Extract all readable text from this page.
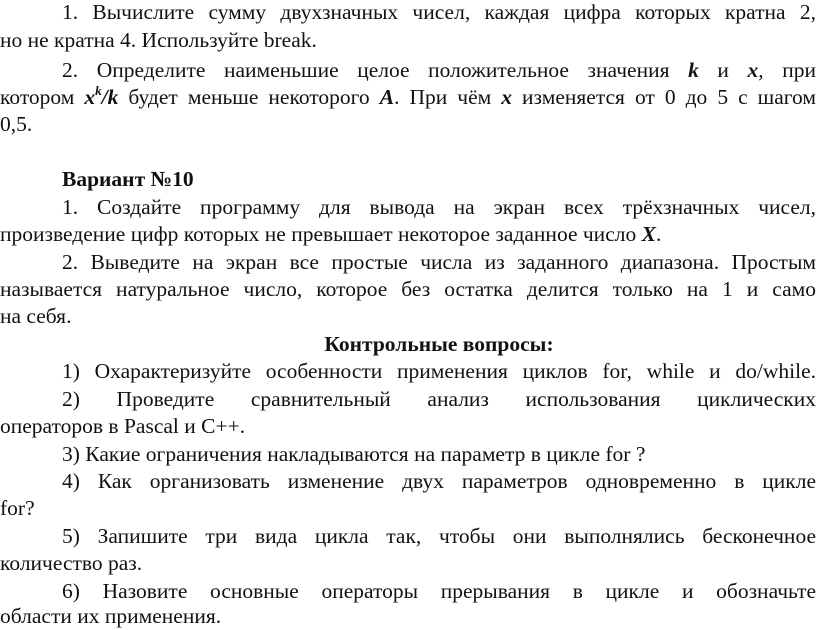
1. Вычислите сумму двухзначных чисел, каждая цифра которых кратна 2,
но не кратна 4. Используйте break.
2. Определите наименьшие целое положительное значения k и x, при
котором $x^k/k$ будет меньше некоторого A. При чём x изменяется от 0 до 5 с шагом
0,5.
Вариант №10
1. Создайте программу для вывода на экран всех трёхзначных чисел,
произведение цифр которых не превышает некоторое заданное число X.
2. Выведите на экран все простые числа из заданного диапазона. Простым
называется натуральное число, которое без остатка делится только на 1 и само
на себя.
Контрольные вопросы:
1) Охарактеризуйте особенности применения циклов for, while и do/while.
2) Проведите сравнительный анализ использования циклических
операторов в Pascal и C++.
3) Какие ограничения накладываются на параметр в цикле for ?
4) Как организовать изменение двух параметров одновременно в цикле
for?
5) Запишите три вида цикла так, чтобы они выполнялись бесконечное
количество раз.
6) Назовите основные операторы прерывания в цикле и обозначьте
области их применения.
